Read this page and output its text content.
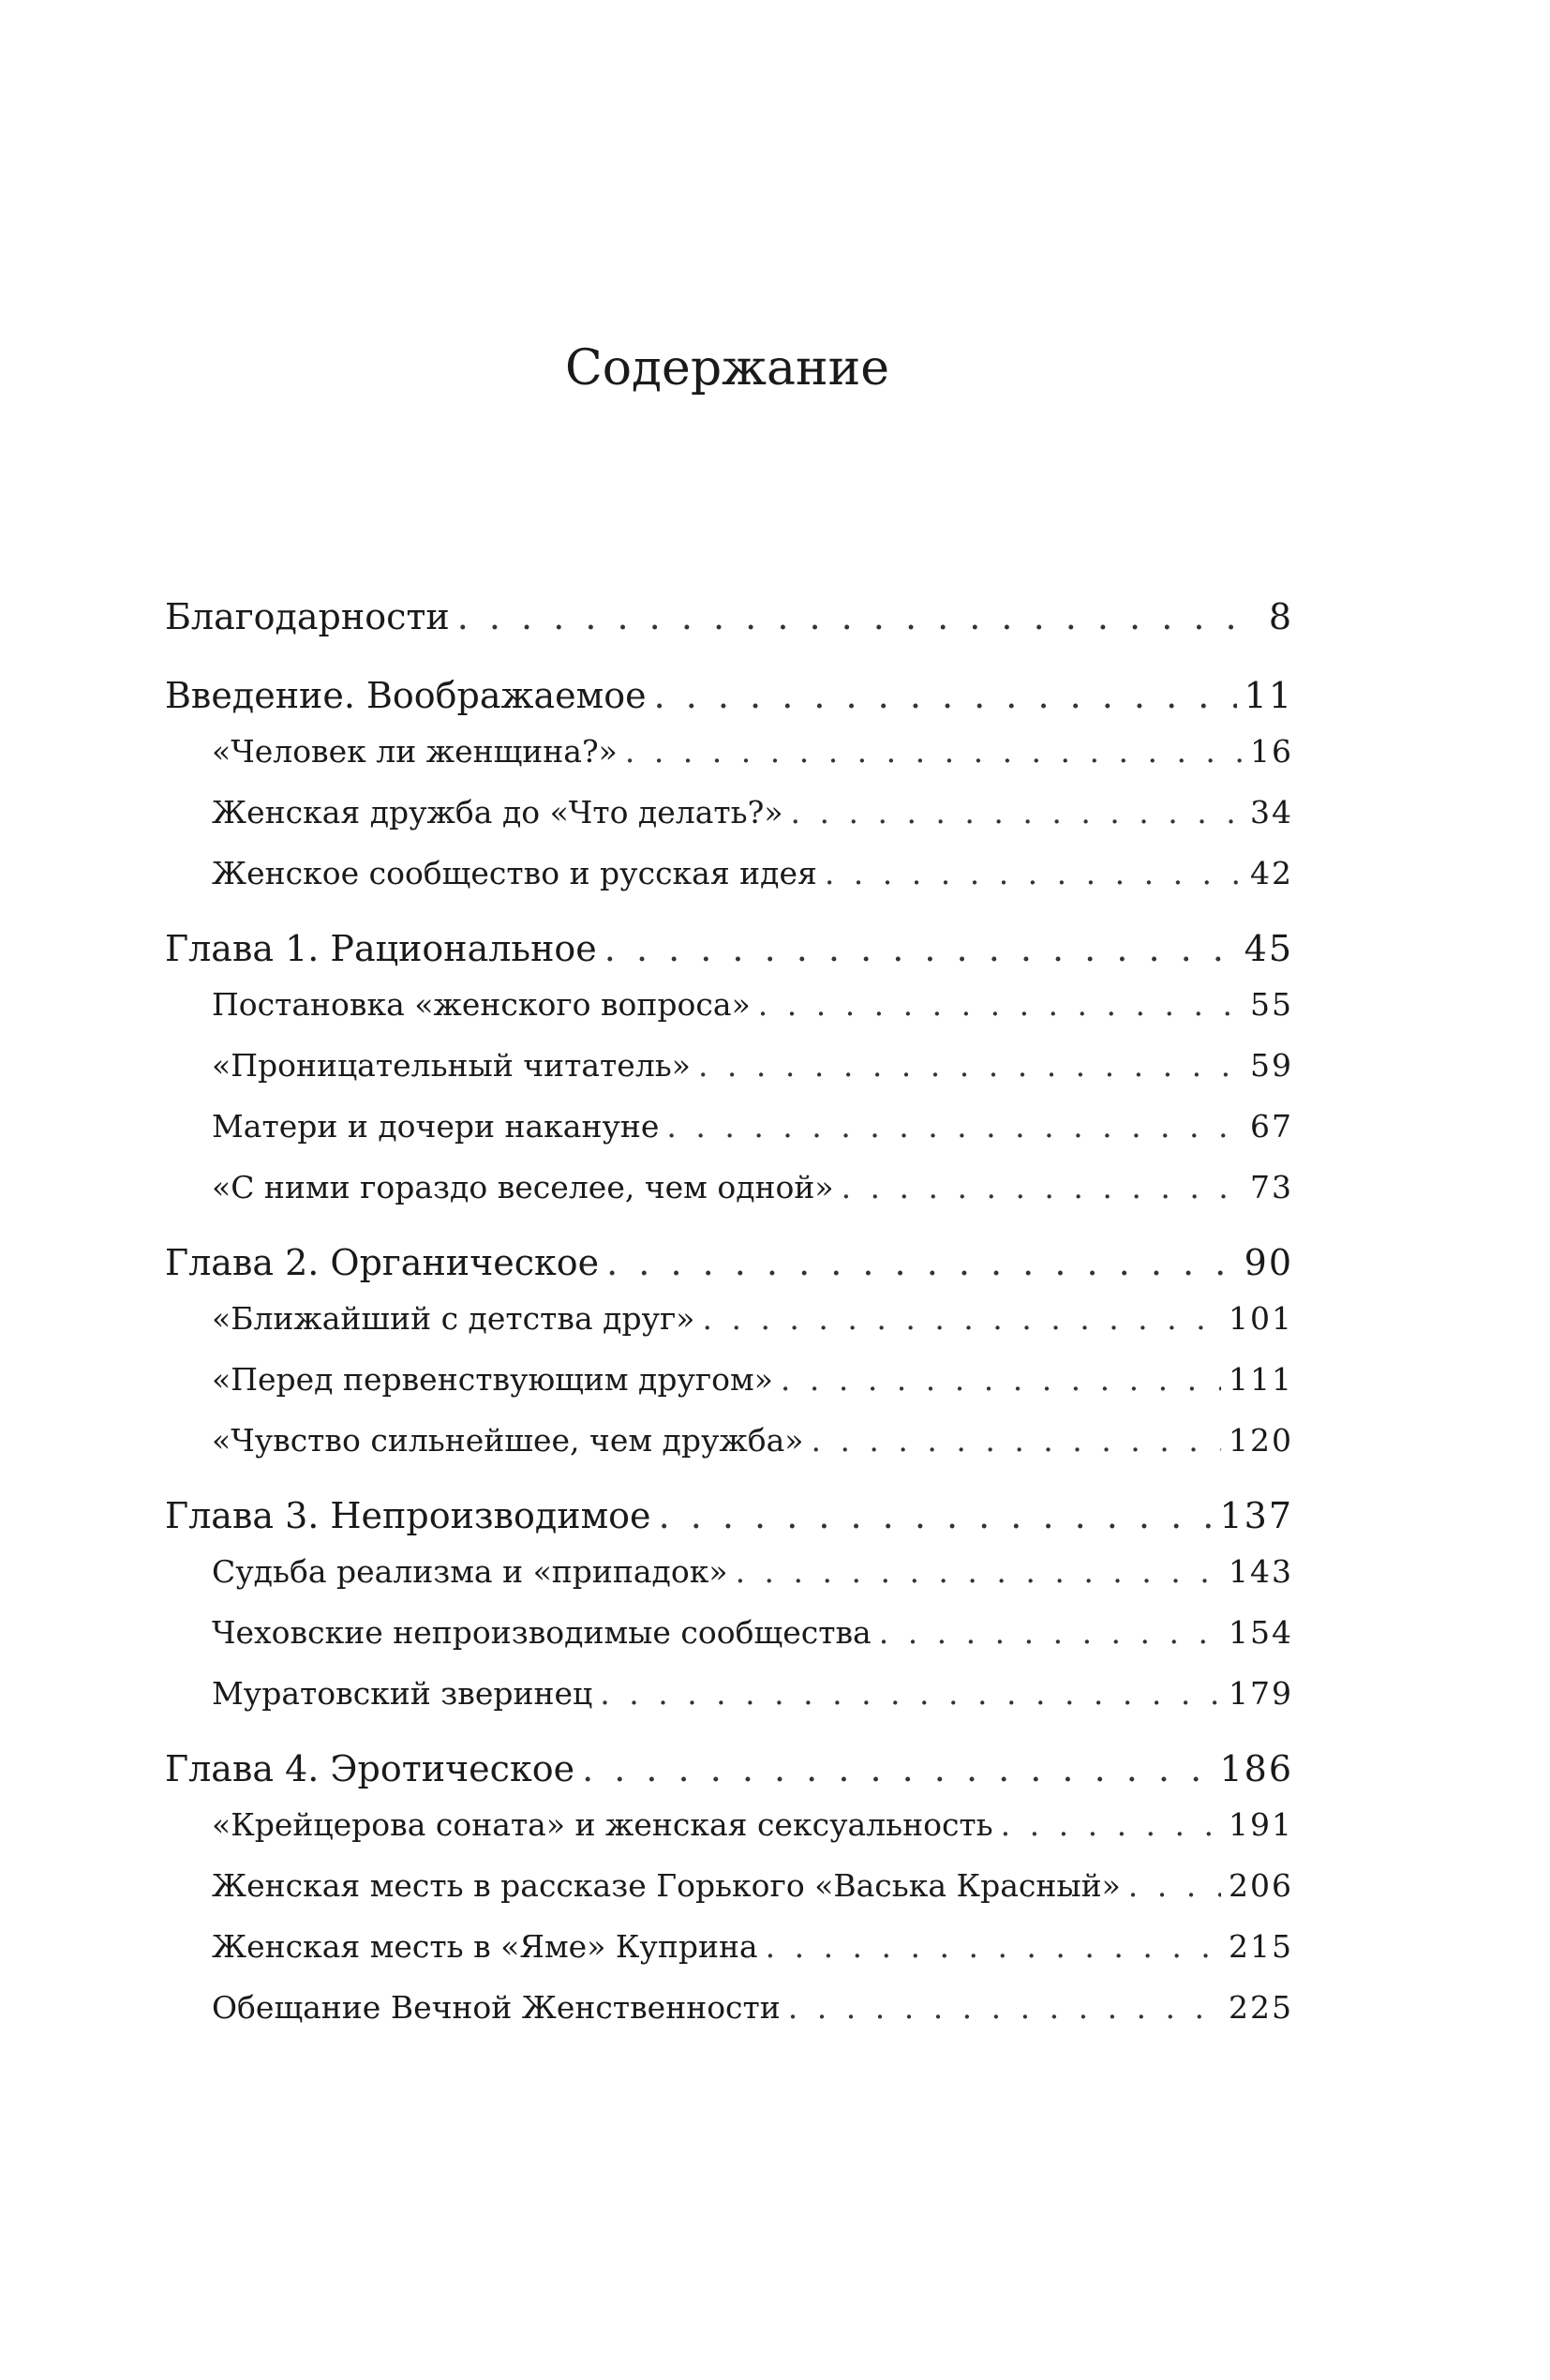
Содержание
Благодарности . . .	8
Введение. Воображаемое . . .	11
«Человек ли женщина?» . . .	16
Женская дружба до «Что делать?» . . .	34
Женское сообщество и русская идея . . .	42
Глава 1. Рациональное . . .	45
Постановка «женского вопроса» . . .	55
«Проницательный читатель» . . .	59
Матери и дочери накануне . . .	67
«С ними гораздо веселее, чем одной» . . .	73
Глава 2. Органическое . . .	90
«Ближайший с детства друг» . . .	101
«Перед первенствующим другом» . . .	111
«Чувство сильнейшее, чем дружба» . . .	120
Глава 3. Непроизводимое . . .	137
Судьба реализма и «припадок» . . .	143
Чеховские непроизводимые сообщества . . .	154
Муратовский зверинец . . .	179
Глава 4. Эротическое . . .	186
«Крейцерова соната» и женская сексуальность . . .	191
Женская месть в рассказе Горького «Васька Красный» . . .	206
Женская месть в «Яме» Куприна . . .	215
Обещание Вечной Женственности . . .	225
